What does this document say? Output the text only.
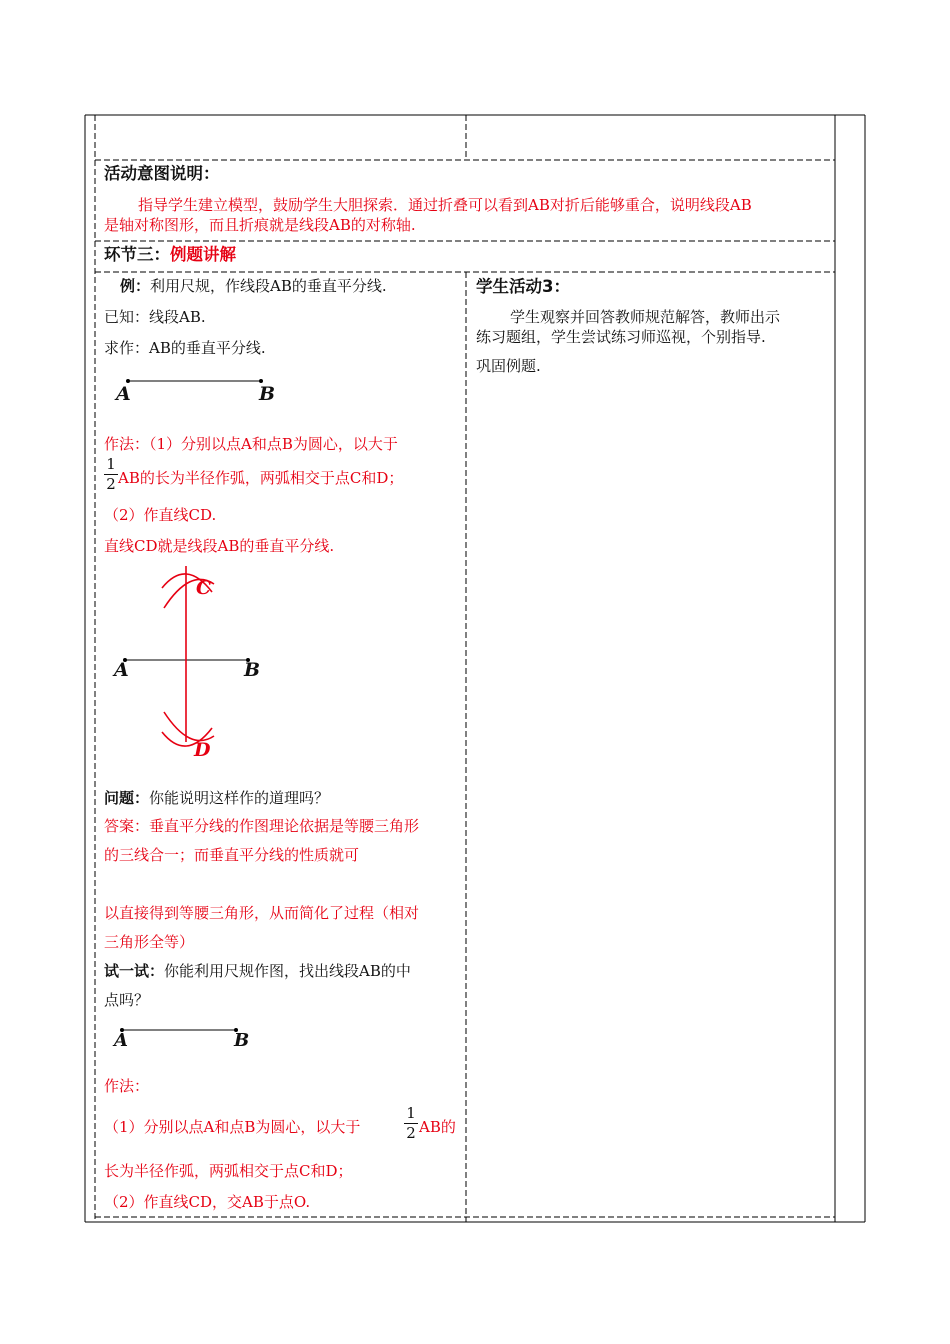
活动意图说明：
指导学生建立模型，鼓励学生大胆探索．通过折叠可以看到AB对折后能够重合，说明线段AB
是轴对称图形，而且折痕就是线段AB的对称轴.
环节三：例题讲解
例：利用尺规，作线段AB的垂直平分线.
已知：线段AB.
求作：AB的垂直平分线.
A	B
作法：（1）分别以点A和点B为圆心，以大于
1
2 AB的长为半径作弧，两弧相交于点C和D；
（2）作直线CD.
直线CD就是线段AB的垂直平分线.
C
D
A	B
问题：你能说明这样作的道理吗？
答案：垂直平分线的作图理论依据是等腰三角形
的三线合一；而垂直平分线的性质就可
以直接得到等腰三角形，从而简化了过程（相对
三角形全等）
试一试：你能利用尺规作图，找出线段AB的中
点吗？
A	B
作法：
（1）分别以点A和点B为圆心，以大于
1
2 AB的
长为半径作弧，两弧相交于点C和D；
（2）作直线CD，交AB于点O.
学生活动3：
学生观察并回答教师规范解答，教师出示
练习题组，学生尝试练习师巡视，个别指导.
巩固例题.
